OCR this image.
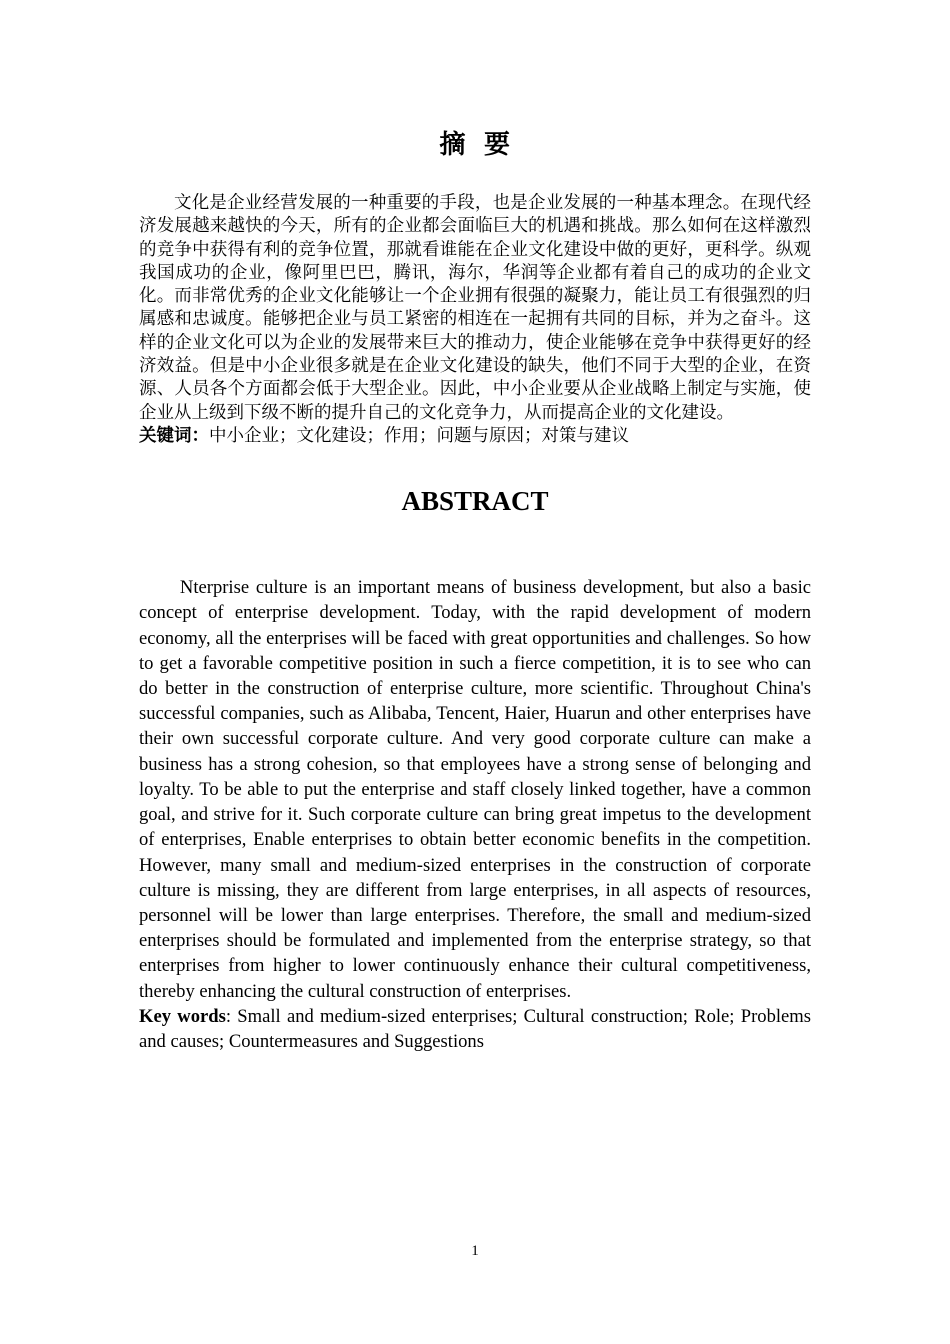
摘 要

文化是企业经营发展的一种重要的手段，也是企业发展的一种基本理念。在现代经济发展越来越快的今天，所有的企业都会面临巨大的机遇和挑战。那么如何在这样激烈的竞争中获得有利的竞争位置，那就看谁能在企业文化建设中做的更好，更科学。纵观我国成功的企业，像阿里巴巴，腾讯，海尔，华润等企业都有着自己的成功的企业文化。而非常优秀的企业文化能够让一个企业拥有很强的凝聚力，能让员工有很强烈的归属感和忠诚度。能够把企业与员工紧密的相连在一起拥有共同的目标，并为之奋斗。这样的企业文化可以为企业的发展带来巨大的推动力，使企业能够在竞争中获得更好的经济效益。但是中小企业很多就是在企业文化建设的缺失，他们不同于大型的企业，在资源、人员各个方面都会低于大型企业。因此，中小企业要从企业战略上制定与实施，使企业从上级到下级不断的提升自己的文化竞争力，从而提高企业的文化建设。

关键词：中小企业；文化建设；作用；问题与原因；对策与建议

ABSTRACT

Nterprise culture is an important means of business development, but also a basic concept of enterprise development. Today, with the rapid development of modern economy, all the enterprises will be faced with great opportunities and challenges. So how to get a favorable competitive position in such a fierce competition, it is to see who can do better in the construction of enterprise culture, more scientific. Throughout China's successful companies, such as Alibaba, Tencent, Haier, Huarun and other enterprises have their own successful corporate culture. And very good corporate culture can make a business has a strong cohesion, so that employees have a strong sense of belonging and loyalty. To be able to put the enterprise and staff closely linked together, have a common goal, and strive for it. Such corporate culture can bring great impetus to the development of enterprises, Enable enterprises to obtain better economic benefits in the competition. However, many small and medium-sized enterprises in the construction of corporate culture is missing, they are different from large enterprises, in all aspects of resources, personnel will be lower than large enterprises. Therefore, the small and medium-sized enterprises should be formulated and implemented from the enterprise strategy, so that enterprises from higher to lower continuously enhance their cultural competitiveness, thereby enhancing the cultural construction of enterprises.

Key words: Small and medium-sized enterprises; Cultural construction; Role; Problems and causes; Countermeasures and Suggestions

1
